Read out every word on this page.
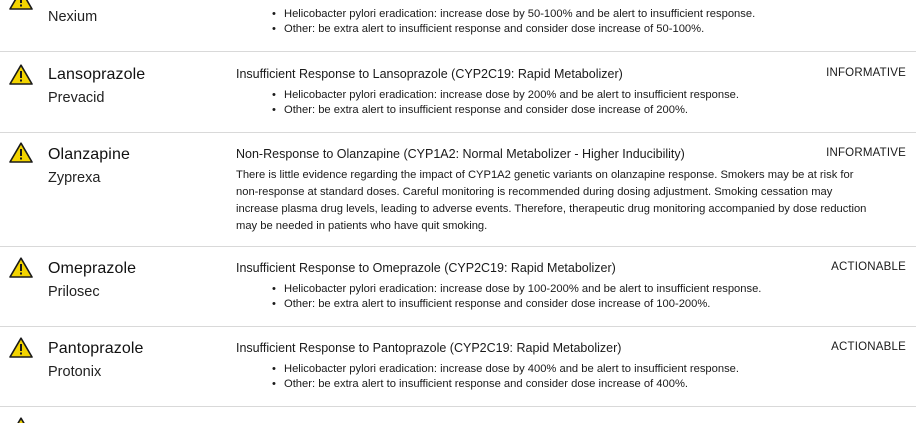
Nexium
•	Helicobacter pylori eradication: increase dose by 50-100% and be alert to insufficient response.
• Other: be extra alert to insufficient response and consider dose increase of 50-100%.
Lansoprazole
Prevacid
Insufficient Response to Lansoprazole (CYP2C19: Rapid Metabolizer)	INFORMATIVE
• Helicobacter pylori eradication: increase dose by 200% and be alert to insufficient response.
• Other: be extra alert to insufficient response and consider dose increase of 200%.
Olanzapine
Zyprexa
Non-Response to Olanzapine (CYP1A2: Normal Metabolizer - Higher Inducibility)	INFORMATIVE

There is little evidence regarding the impact of CYP1A2 genetic variants on olanzapine response. Smokers may be at risk for non-response at standard doses. Careful monitoring is recommended during dosing adjustment. Smoking cessation may increase plasma drug levels, leading to adverse events. Therefore, therapeutic drug monitoring accompanied by dose reduction may be needed in patients who have quit smoking.

Omeprazole
Prilosec
Insufficient Response to Omeprazole (CYP2C19: Rapid Metabolizer)	ACTIONABLE
• Helicobacter pylori eradication: increase dose by 100-200% and be alert to insufficient response.
• Other: be extra alert to insufficient response and consider dose increase of 100-200%.
Pantoprazole
Protonix
Insufficient Response to Pantoprazole (CYP2C19: Rapid Metabolizer)	ACTIONABLE
• Helicobacter pylori eradication: increase dose by 400% and be alert to insufficient response.
• Other: be extra alert to insufficient response and consider dose increase of 400%.
